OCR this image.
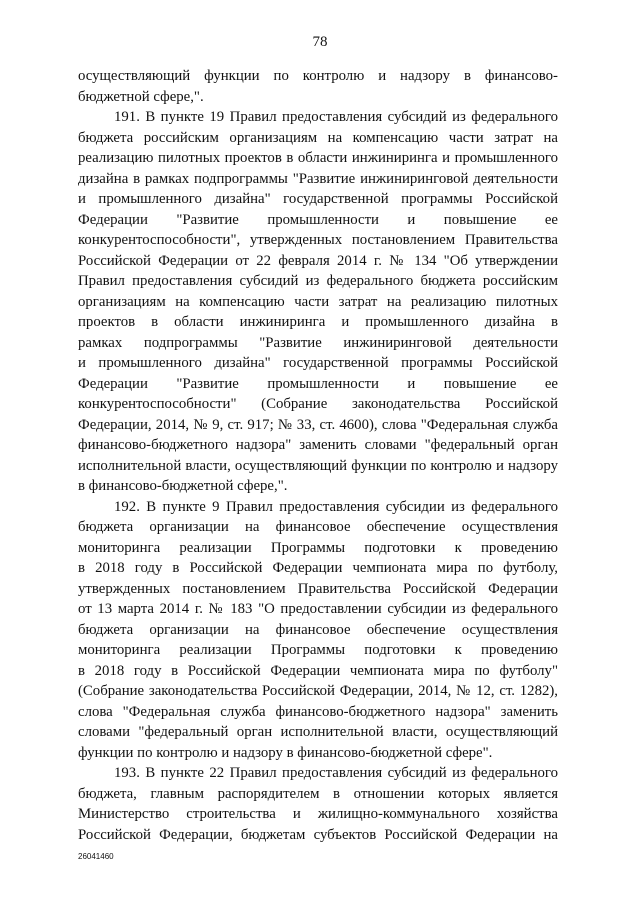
78
осуществляющий функции по контролю и надзору в финансово-
бюджетной сфере,".
191. В пункте 19 Правил предоставления субсидий из федерального
бюджета российским организациям на компенсацию части затрат на
реализацию пилотных проектов в области инжиниринга и промышленного
дизайна в рамках подпрограммы "Развитие инжиниринговой деятельности
и промышленного дизайна" государственной программы Российской
Федерации "Развитие промышленности и повышение ее
конкурентоспособности", утвержденных постановлением Правительства
Российской Федерации от 22 февраля 2014 г. № 134 "Об утверждении
Правил предоставления субсидий из федерального бюджета российским
организациям на компенсацию части затрат на реализацию пилотных
проектов в области инжиниринга и промышленного дизайна в
рамках подпрограммы "Развитие инжиниринговой деятельности
и промышленного дизайна" государственной программы Российской
Федерации "Развитие промышленности и повышение ее
конкурентоспособности" (Собрание законодательства Российской
Федерации, 2014, № 9, ст. 917; № 33, ст. 4600), слова "Федеральная служба
финансово-бюджетного надзора" заменить словами "федеральный орган
исполнительной власти, осуществляющий функции по контролю и надзору
в финансово-бюджетной сфере,".
192. В пункте 9 Правил предоставления субсидии из федерального
бюджета организации на финансовое обеспечение осуществления
мониторинга реализации Программы подготовки к проведению
в 2018 году в Российской Федерации чемпионата мира по футболу,
утвержденных постановлением Правительства Российской Федерации
от 13 марта 2014 г. № 183 "О предоставлении субсидии из федерального
бюджета организации на финансовое обеспечение осуществления
мониторинга реализации Программы подготовки к проведению
в 2018 году в Российской Федерации чемпионата мира по футболу"
(Собрание законодательства Российской Федерации, 2014, № 12, ст. 1282),
слова "Федеральная служба финансово-бюджетного надзора" заменить
словами "федеральный орган исполнительной власти, осуществляющий
функции по контролю и надзору в финансово-бюджетной сфере".
193. В пункте 22 Правил предоставления субсидий из федерального
бюджета, главным распорядителем в отношении которых является
Министерство строительства и жилищно-коммунального хозяйства
Российской Федерации, бюджетам субъектов Российской Федерации на
26041460
